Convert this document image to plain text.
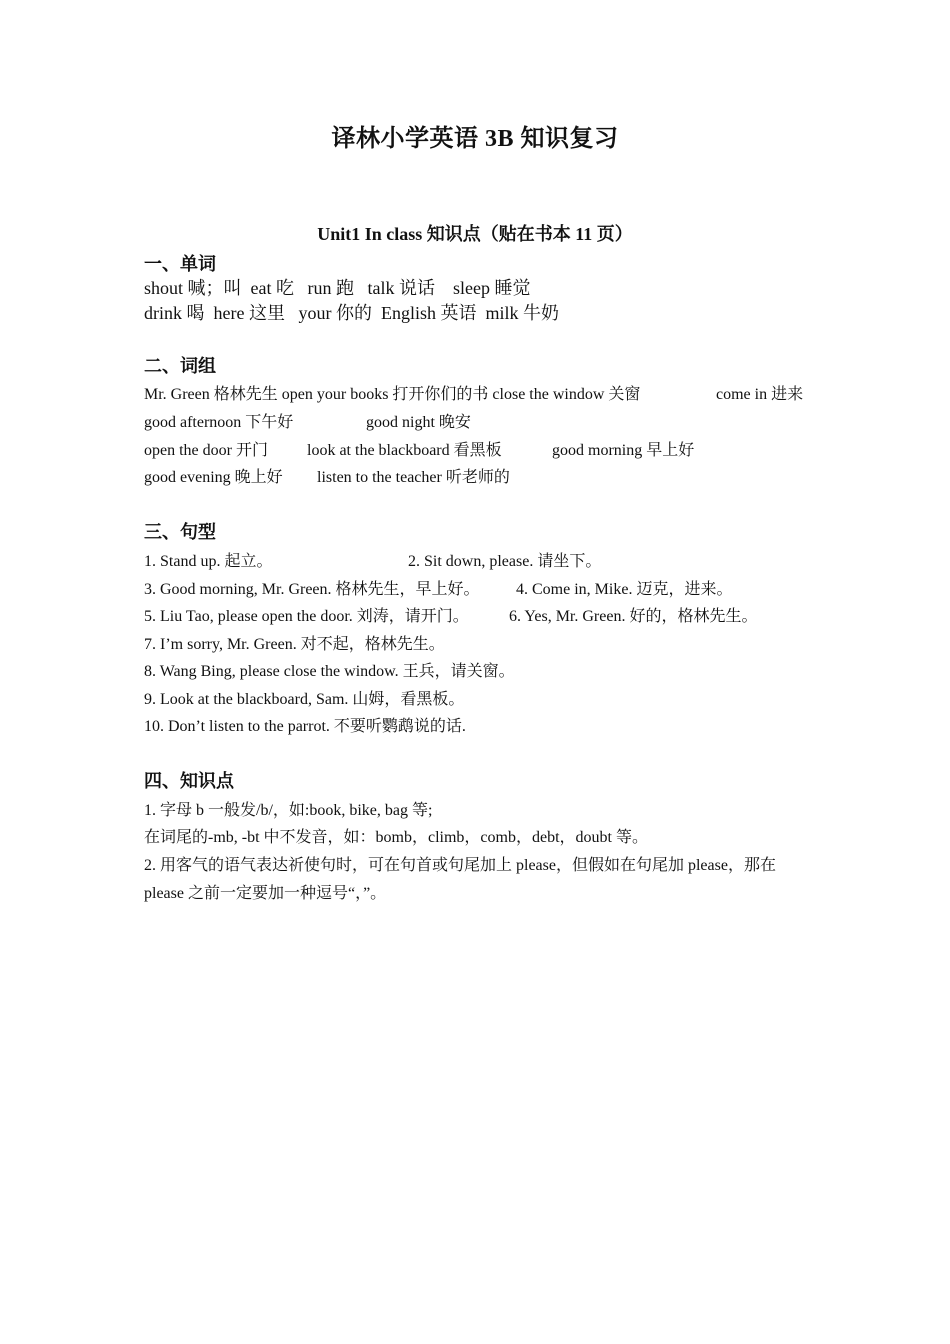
译林小学英语 3B 知识复习
Unit1 In class 知识点（贴在书本 11 页）
一、单词
shout 喊；叫  eat 吃   run 跑   talk 说话    sleep 睡觉
drink 喝  here 这里   your 你的  English 英语  milk 牛奶
二、词组
Mr. Green 格林先生 open your books 打开你们的书 close the window 关窗	come in 进来
good afternoon 下午好	good night 晚安
open the door 开门 look at the blackboard 看黑板	good morning 早上好
good evening 晚上好 listen to the teacher 听老师的
三、句型
1. Stand up. 起立。	2. Sit down, please. 请坐下。
3. Good morning, Mr. Green. 格林先生，早上好。 4. Come in, Mike. 迈克，进来。
5. Liu Tao, please open the door. 刘涛，请开门。	6. Yes, Mr. Green. 好的，格林先生。
7. I’m sorry, Mr. Green. 对不起，格林先生。
8. Wang Bing, please close the window. 王兵，请关窗。
9. Look at the blackboard, Sam. 山姆，看黑板。
10. Don’t listen to the parrot. 不要听鹦鹉说的话.
四、知识点
1. 字母 b 一般发/b/，如:book, bike, bag 等;
在词尾的-mb, -bt 中不发音，如：bomb，climb，comb，debt，doubt 等。
2. 用客气的语气表达祈使句时，可在句首或句尾加上 please，但假如在句尾加 please，那在
please 之前一定要加一种逗号“，”。
